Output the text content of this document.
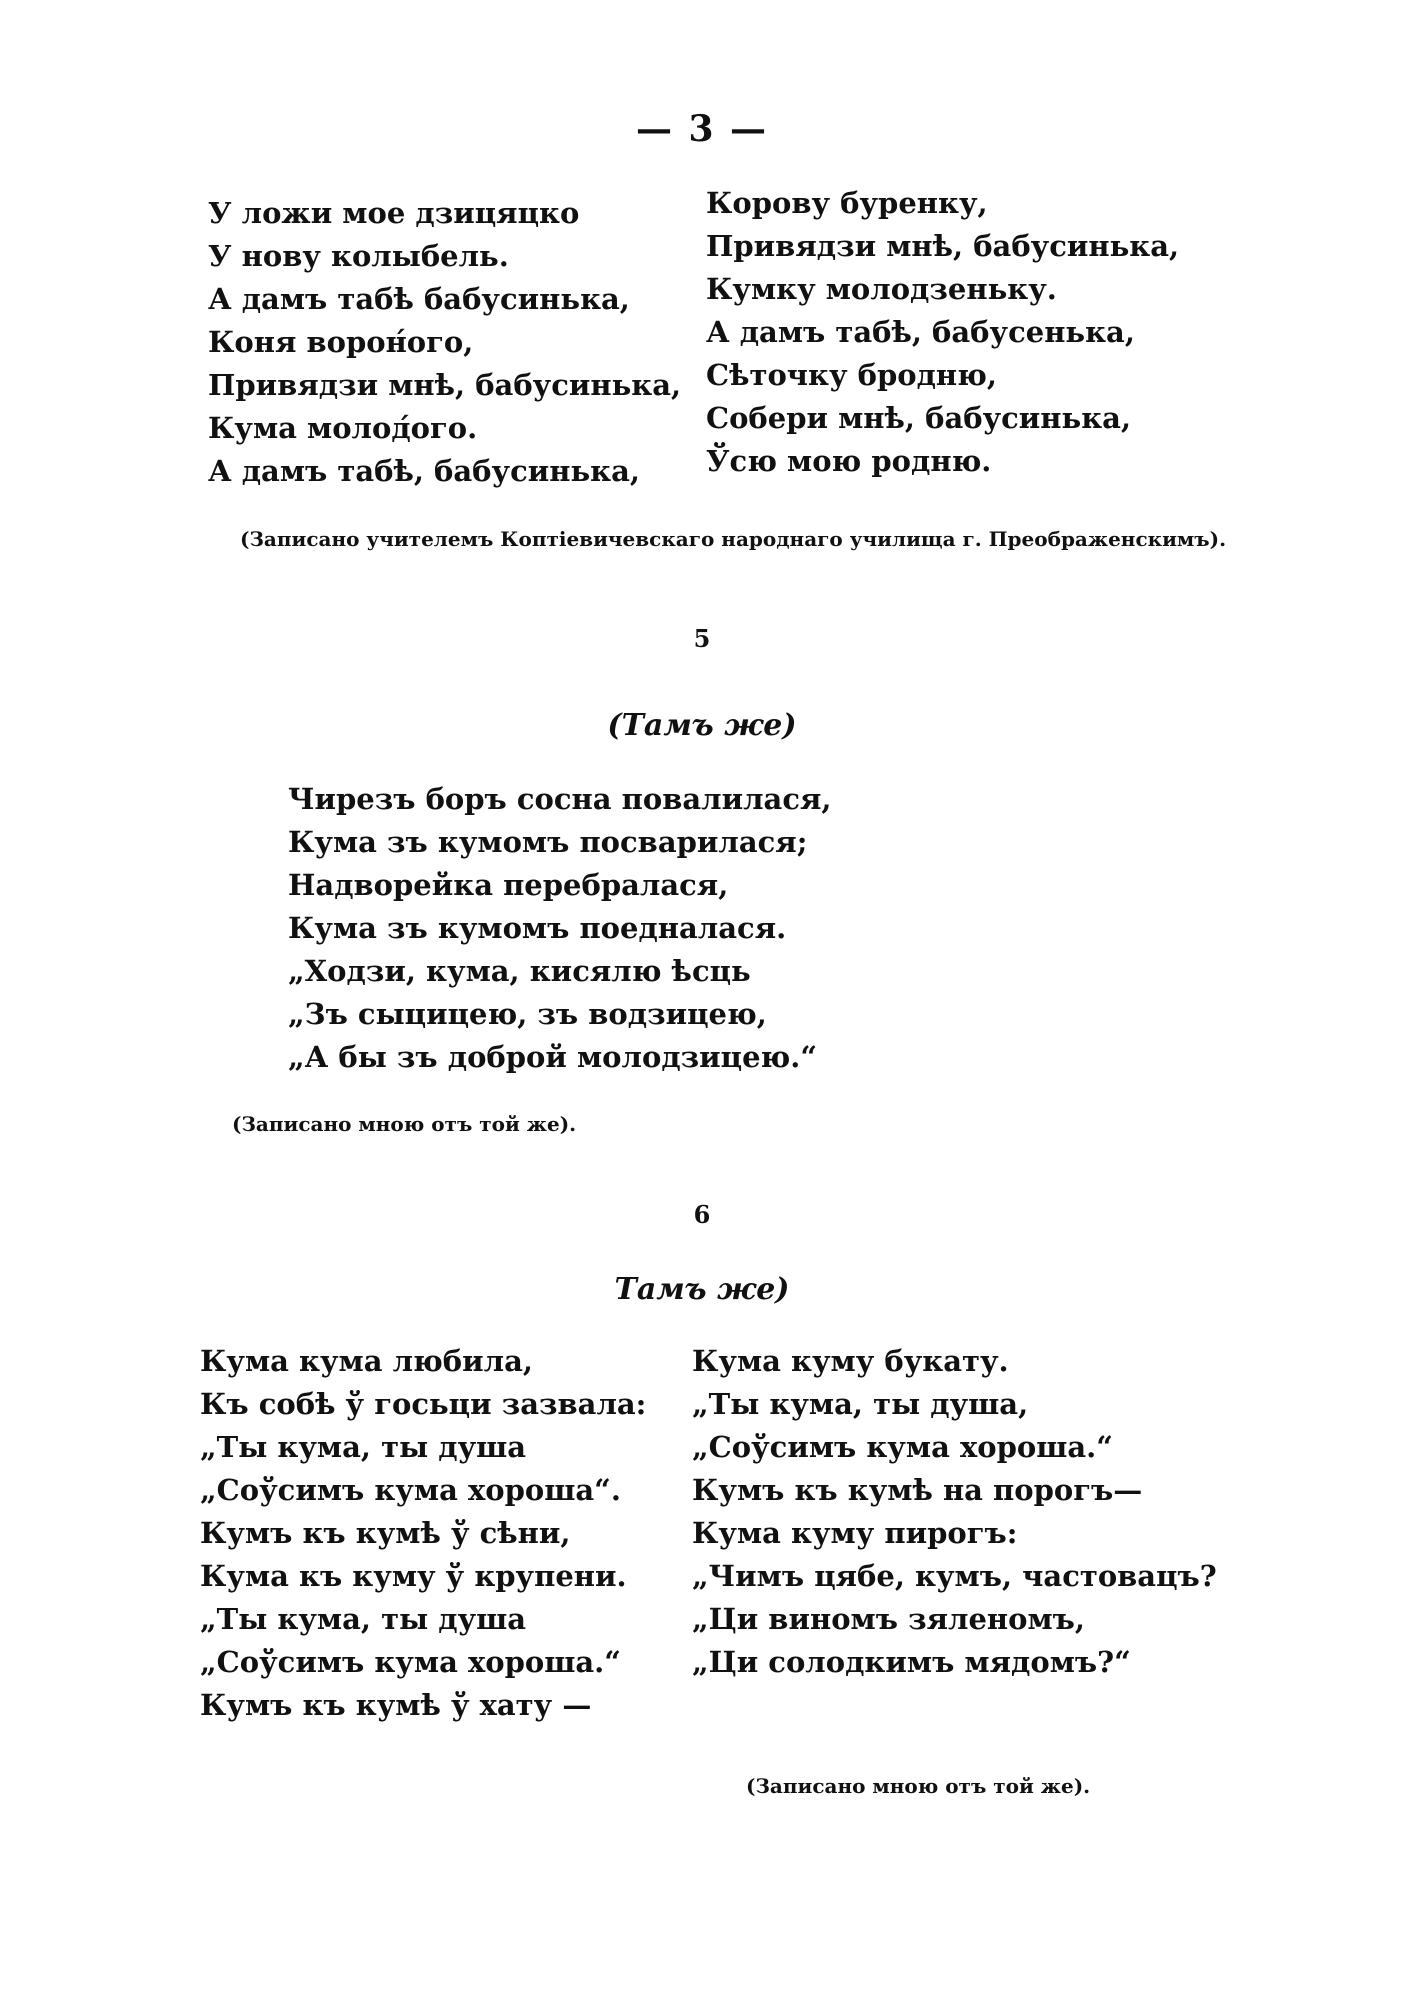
— 3 —
У ложи мое дзицяцко
У нову колыбель.
А дамъ табѣ бабусинька,
Коня ворон́ого,
Привядзи мнѣ, бабусинька,
Кума молод́ого.
А дамъ табѣ, бабусинька,
Корову буренку,
Привядзи мнѣ, бабусинька,
Кумку молодзеньку.
А дамъ табѣ, бабусенька,
Сѣточку бродню,
Собери мнѣ, бабусинька,
Ўсю мою родню.
(Записано учителемъ Коптіевичевскаго народнаго училища г. Преображенскимъ).
5
(Тамъ же)
Чирезъ боръ сосна повалилася,
Кума зъ кумомъ посварилася;
Надворейка перебралася,
Кума зъ кумомъ поедналася.
„Ходзи, кума, кисялю ѣсць
„Зъ сыцицею, зъ водзицею,
„А бы зъ доброй молодзицею.“
(Записано мною отъ той же).
6
Тамъ же)
Кума кума любила,
Къ собѣ ў госьци зазвала:
„Ты кума, ты душа
„Соўсимъ кума хороша“.
Кумъ къ кумѣ ў сѣни,
Кума къ куму ў крупени.
„Ты кума, ты душа
„Соўсимъ кума хороша.“
Кумъ къ кумѣ ў хату —
Кума куму букату.
„Ты кума, ты душа,
„Соўсимъ кума хороша.“
Кумъ къ кумѣ на порогъ—
Кума куму пирогъ:
„Чимъ цябе, кумъ, частовацъ?
„Ци виномъ зяленомъ,
„Ци солодкимъ мядомъ?“
(Записано мною отъ той же).
